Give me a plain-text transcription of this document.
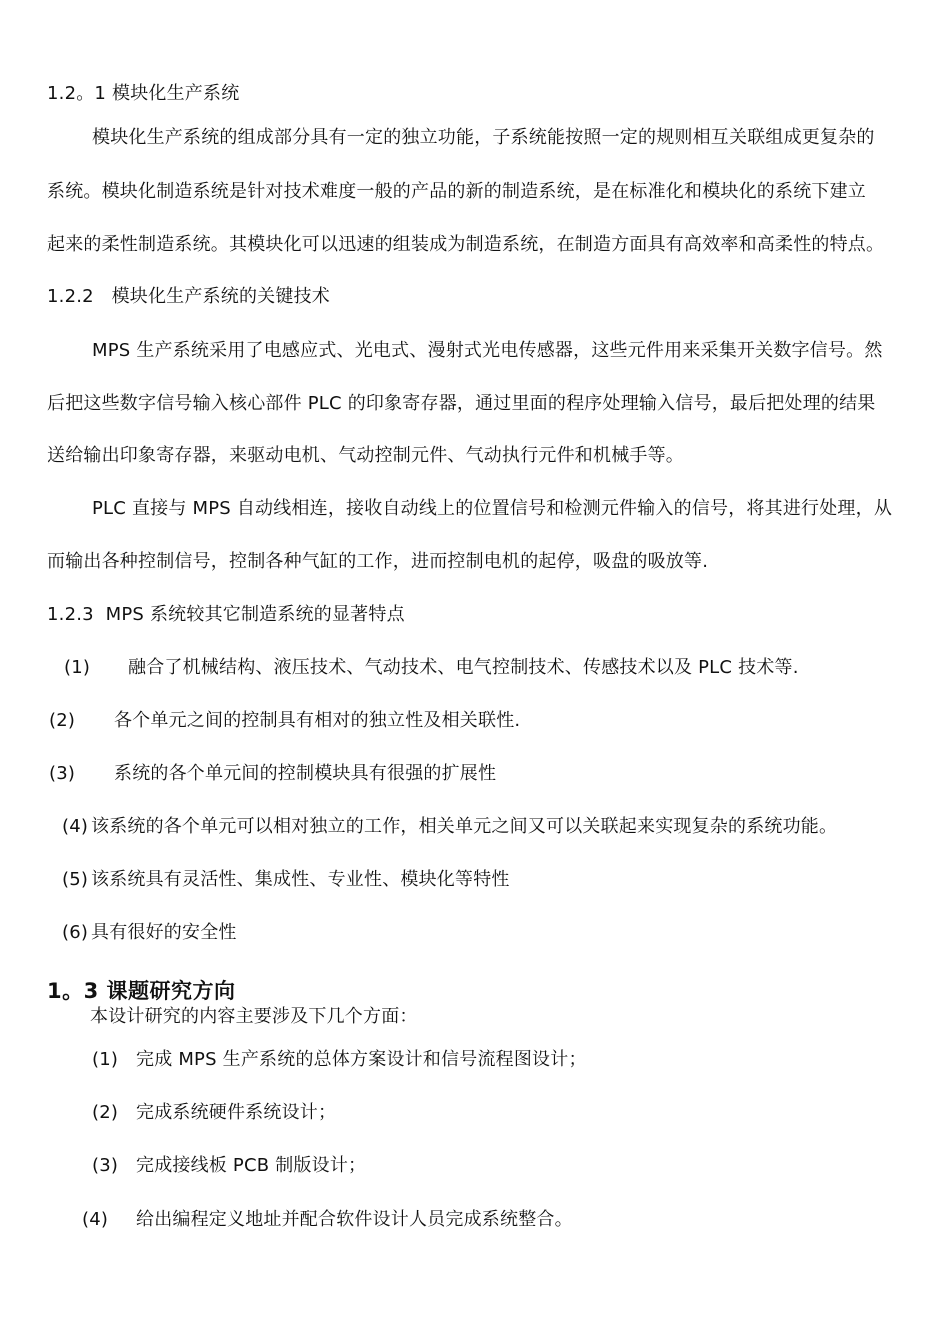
1.2。1 模块化生产系统
模块化生产系统的组成部分具有一定的独立功能，子系统能按照一定的规则相互关联组成更复杂的
系统。模块化制造系统是针对技术难度一般的产品的新的制造系统，是在标准化和模块化的系统下建立
起来的柔性制造系统。其模块化可以迅速的组装成为制造系统，在制造方面具有高效率和高柔性的特点。
1.2.2   模块化生产系统的关键技术
MPS 生产系统采用了电感应式、光电式、漫射式光电传感器，这些元件用来采集开关数字信号。然
后把这些数字信号输入核心部件 PLC 的印象寄存器，通过里面的程序处理输入信号，最后把处理的结果
送给输出印象寄存器，来驱动电机、气动控制元件、气动执行元件和机械手等。
PLC 直接与 MPS 自动线相连，接收自动线上的位置信号和检测元件输入的信号，将其进行处理，从
而输出各种控制信号，控制各种气缸的工作，进而控制电机的起停，吸盘的吸放等.
1.2.3  MPS 系统较其它制造系统的显著特点
(1) 融合了机械结构、液压技术、气动技术、电气控制技术、传感技术以及 PLC 技术等.
(2) 各个单元之间的控制具有相对的独立性及相关联性.
(3) 系统的各个单元间的控制模块具有很强的扩展性
(4) 该系统的各个单元可以相对独立的工作，相关单元之间又可以关联起来实现复杂的系统功能。
(5) 该系统具有灵活性、集成性、专业性、模块化等特性
(6) 具有很好的安全性
1。3 课题研究方向
本设计研究的内容主要涉及下几个方面：
(1) 完成 MPS 生产系统的总体方案设计和信号流程图设计；
(2) 完成系统硬件系统设计；
(3) 完成接线板 PCB 制版设计；
(4) 给出编程定义地址并配合软件设计人员完成系统整合。
